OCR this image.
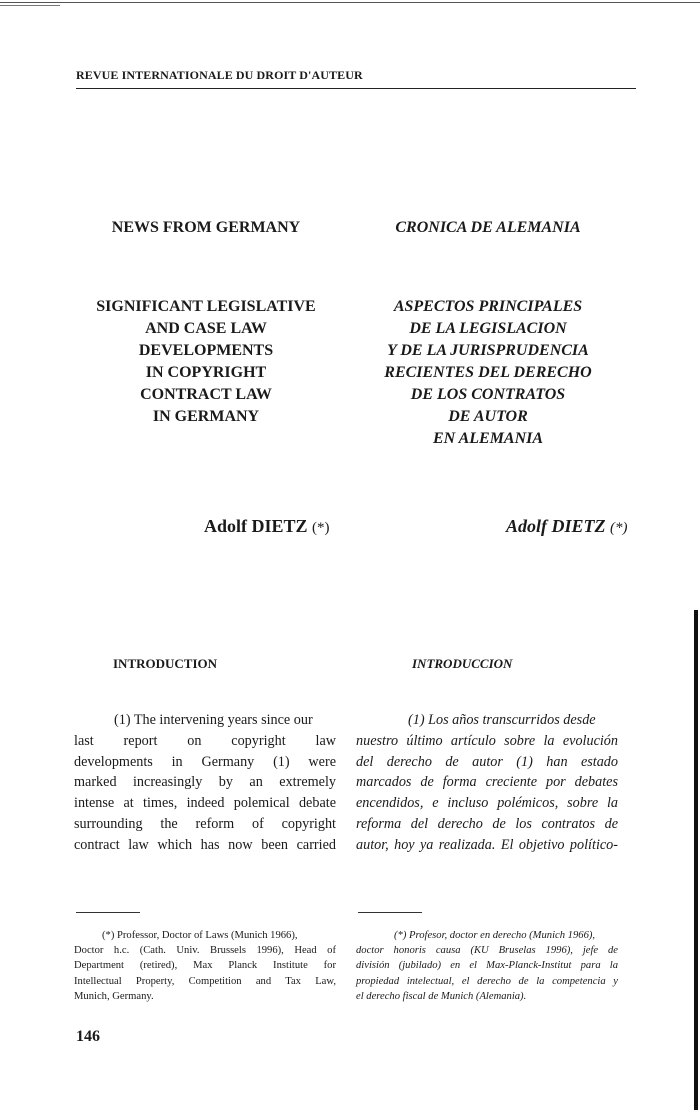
REVUE INTERNATIONALE DU DROIT D'AUTEUR
NEWS FROM GERMANY	CRONICA DE ALEMANIA
SIGNIFICANT LEGISLATIVE
AND CASE LAW
DEVELOPMENTS
IN COPYRIGHT
CONTRACT LAW
IN GERMANY
ASPECTOS PRINCIPALES
DE LA LEGISLACION
Y DE LA JURISPRUDENCIA
RECIENTES DEL DERECHO
DE LOS CONTRATOS
DE AUTOR
EN ALEMANIA
Adolf DIETZ (*)	Adolf DIETZ (*)
INTRODUCTION	INTRODUCCION
(1) The intervening years since our
last report on copyright law
developments in Germany (1) were
marked increasingly by an extremely
intense at times, indeed polemical debate
surrounding the reform of copyright
contract law which has now been carried
(1) Los años transcurridos desde
nuestro último artículo sobre la evolución
del derecho de autor (1) han estado
marcados de forma creciente por debates
encendidos, e incluso polémicos, sobre la
reforma del derecho de los contratos de
autor, hoy ya realizada. El objetivo político-
(*) Professor, Doctor of Laws (Munich 1966),
Doctor h.c. (Cath. Univ. Brussels 1996), Head of
Department (retired), Max Planck Institute for
Intellectual Property, Competition and Tax Law,
Munich, Germany.
(*) Profesor, doctor en derecho (Munich 1966),
doctor honoris causa (KU Bruselas 1996), jefe de
división (jubilado) en el Max-Planck-Institut para la
propiedad intelectual, el derecho de la competencia y
el derecho fiscal de Munich (Alemania).
146
